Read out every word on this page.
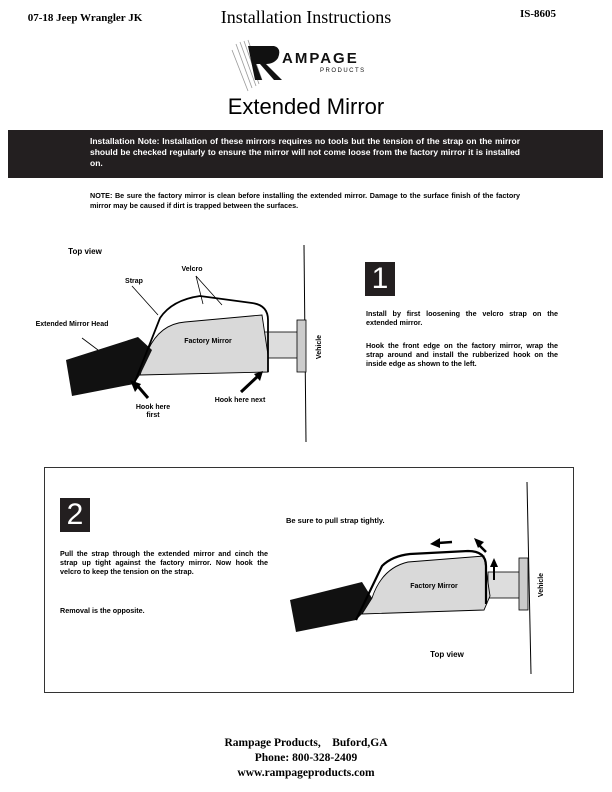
07-18 Jeep Wrangler JK	Installation Instructions	IS-8605
AMPAGE
PRODUCTS
Extended Mirror
Installation Note: Installation of these mirrors requires no tools but the tension of the strap on the mirror should be checked regularly to ensure the mirror will not come loose from the factory mirror it is installed on.
NOTE: Be sure the factory mirror is clean before installing the extended mirror. Damage to the surface finish of the factory mirror may be caused if dirt is trapped between the surfaces.
Top view
Velcro
Strap
Extended Mirror Head
Factory Mirror	Vehicle
Hook here first
Hook here next
1
Install by first loosening the velcro strap on the extended mirror.
Hook the front edge on the factory mirror, wrap the strap around and install the rubberized hook on the inside edge as shown to the left.
2
Pull the strap through the extended mirror and cinch the strap up tight against the factory mirror. Now hook the velcro to keep the tension on the strap.
Removal is the opposite.
Be sure to pull strap tightly.
Factory Mirror	Vehicle
Top view
Rampage Products,    Buford,GA
Phone: 800-328-2409
www.rampageproducts.com
